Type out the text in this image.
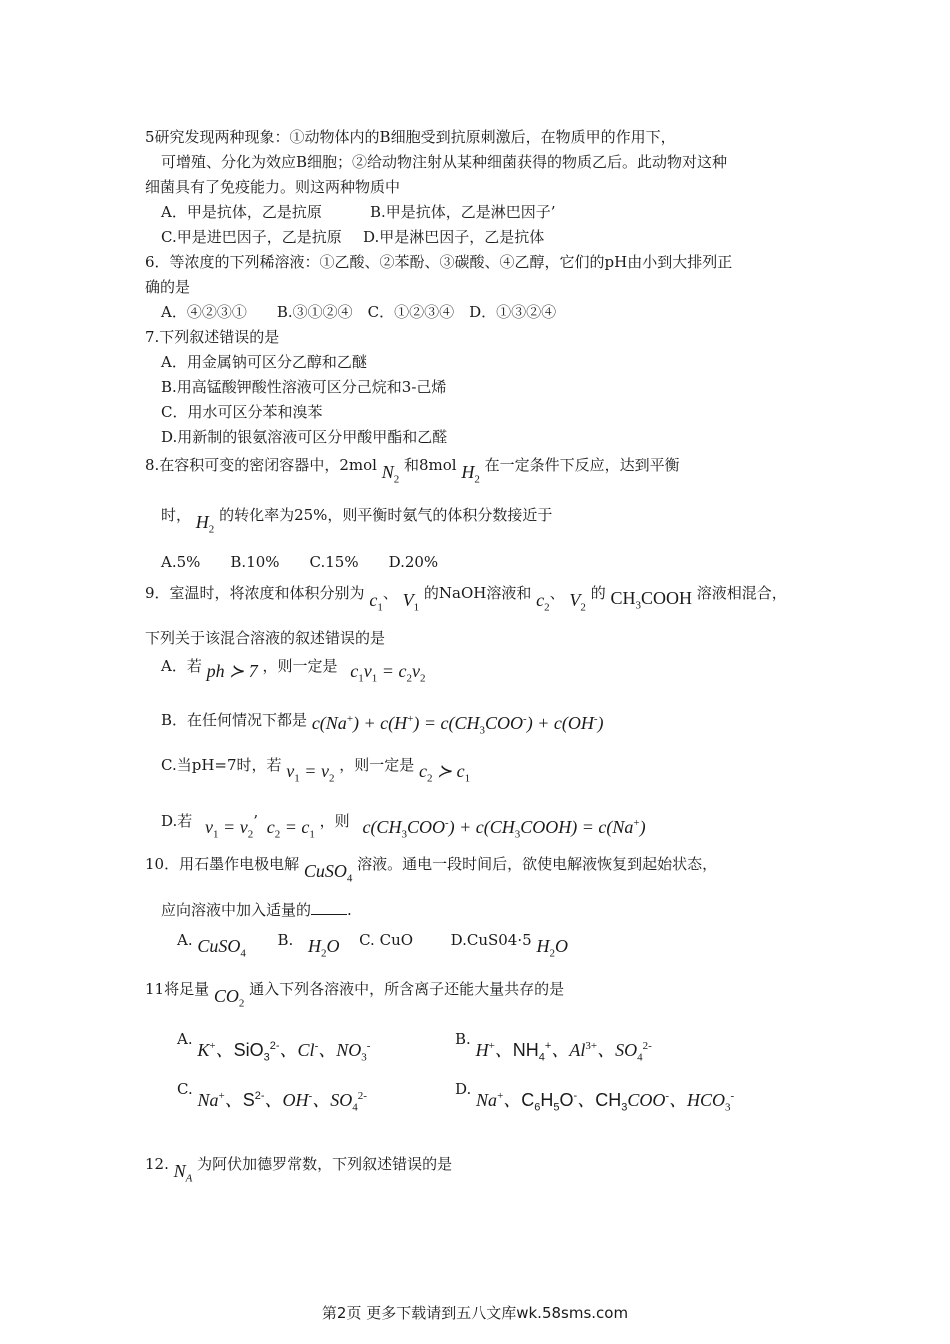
5研究发现两种现象：①动物体内的B细胞受到抗原刺激后，在物质甲的作用下，
可增殖、分化为效应B细胞；②给动物注射从某种细菌获得的物质乙后。此动物对这种
细菌具有了免疫能力。则这两种物质中
A．甲是抗体，乙是抗原	B.甲是抗体，乙是淋巴因子’
C.甲是进巴因子，乙是抗原 D.甲是淋巴因子，乙是抗体
6．等浓度的下列稀溶液：①乙酸、②苯酚、③碳酸、④乙醇，它们的pH由小到大排列正
确的是
A．④②③①　　B.③①②④　C．①②③④　D．①③②④
7.下列叙述错误的是
A．用金属钠可区分乙醇和乙醚
B.用高锰酸钾酸性溶液可区分己烷和3-己烯
C．用水可区分苯和溴苯
D.用新制的银氨溶液可区分甲酸甲酯和乙醛
8.在容积可变的密闭容器中，2mol $N_2$ 和8mol $H_2$ 在一定条件下反应，达到平衡
时， $H_2$ 的转化率为25%，则平衡时氨气的体积分数接近于
A.5%　　B.10%　　C.15%　　D.20%
9．室温时，将浓度和体积分别为 $c_1$、 $V_1$ 的NaOH溶液和 $c_2$、 $V_2$ 的 $CH_3COOH$ 溶液相混合，
下列关于该混合溶液的叙述错误的是
A．若 ph ≻ 7 ，则一定是 $c_1v_1 = c_2v_2$
B．在任何情况下都是 $c(Na^+) + c(H^+) = c(CH_3COO^-) + c(OH^-)$
C.当pH=7时，若 $v_1 = v_2$ ，则一定是 $c_2$ ≻ $c_1$
D.若 $v_1 = v_2$’ $c_2 = c_1$ ，则 $c(CH_3COO^-)$ + $c(CH_3COOH) = c(Na^+)$
10．用石墨作电极电解 CuSO$_4$ 溶液。通电一段时间后，欲使电解液恢复到起始状态，
应向溶液中加入适量的 .
A. CuSO$_4$  B. $H_2O$ C. CuO	D.CuS04·5 $H_2O$
11将足量 $CO_2$ 通入下列各溶液中，所含离子还能大量共存的是
A. K+、SiO$_3^{2-}$、Cl-、$NO_3^-$	B. H+、$NH_4^+$、$Al^{3+}$、$SO_4^{2-}$
C. Na+、$S^{2-}$、OH-、$SO_4^{2-}$	D. Na+、$C_6H_5O^-$、$CH_3COO^-$、$HCO_3^-$
12. $N_A$ 为阿伏加德罗常数，下列叙述错误的是
第2页 更多下载请到五八文库wk.58sms.com
